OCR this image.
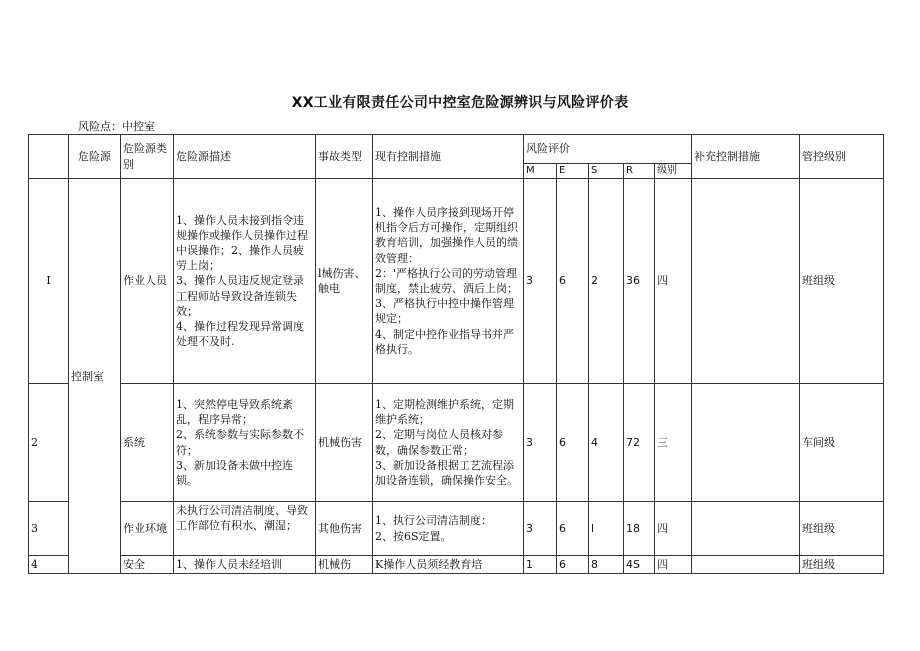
XX工业有限责任公司中控室危险源辨识与风险评价表
风险点：中控室
	危险源	危险源类别	危险源描述	事故类型	现有控制措施	风险评价					补充控制措施	管控级别
						M	E	S	R	级别		
I	控制室	作业人员	1、操作人员未接到指令违规操作或操作人员操作过程中误操作；2、操作人员疲劳上岗；
3、操作人员违反规定登录工程师站导致设备连锁失效；
4、操作过程发现异常调度处理不及时.	l械伤害、触电	1、操作人员序接到现场开停机指令后方可操作，定期组织教育培训，加强操作人员的绩效管理：
2：'严格执行公司的劳动管理制度，禁止疲劳、酒后上岗；
3、严格执行中控中操作管理规定；
4、制定中控作业指导书并严格执行。	3	6	2	36	四		班组级
2		系统	1、突然停电导致系统紊乱，程序异常；
2、系统参数与实际参数不符；
3、新加设备未做中控连锁。	机械伤害	1、定期检测维护系统，定期维护系统；
2、定期与岗位人员核对参数，确保参数正常；
3、新加设备根据工艺流程添加设备连锁，确保操作安全。	3	6	4	72	三		车间级
3		作业环境	未执行公司清洁制度、导致工作部位有积水、潮湿；	其他伤害	1、执行公司清洁制度：
2、按6S定置。	3	6	l	18	四		班组级
4		安全	1、操作人员未经培训	机械伤	K操作人员须经教育培	1	6	8	4S	四		班组级
